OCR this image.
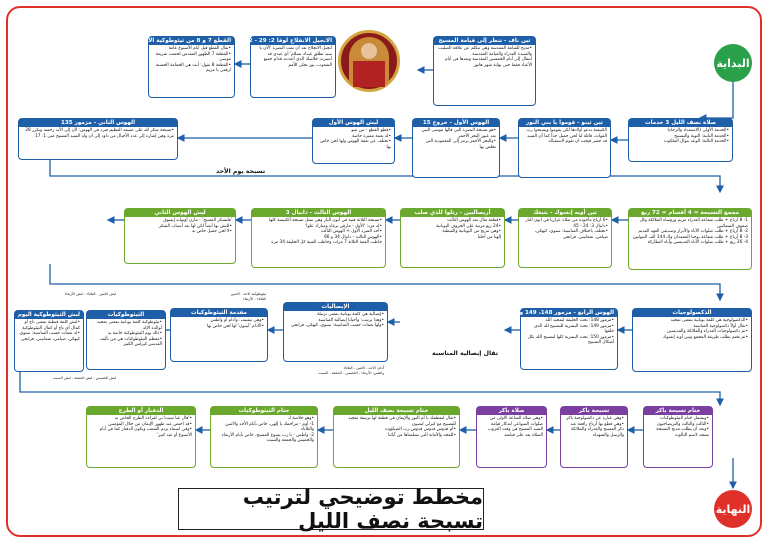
البداية
النهاية
صلاة نصف الليل 3 خدمات
•الخدمة الأولى (الاستعداد والرجاء)
•الخدمة الثانية: التوبة والتسبيح
•الخدمة الثالثة: الوعد بنوال الملكوت
تين ثينو - قوموا يا بني النور
الكنيسة تدعو أولادها لكي يقوموا ويسبحوا رب القوات، قائلة لنا لحن جميل جداً كما أن السيد قد حضر فيجب ان تقوم لاستقباله
تين ناف - تنظر إلى قيامة المسيح
•مديح للقيامة المقدسة وهي تتكلم عن علاقة الصليب والسيدة العذراء والقيامة المقدسة
انتقال إلى أيام الخمسين المقدسة وبعدها في أيام الأعياد فقط حتى نهاية شهر هاتور
الهوس الأول - خروج 15
•هو تسبحة النصرة التي قالها موسى النبي بعد عبور البحر الأحمر
•والبحر الأحمر يرمز إلى المعمودية التي نخلص بها
لبش الهوس الأول
•قطع القطع - تين ثينو
•له نغمة مميزة خاصة
•تختلف عن نغمة الهوس ولها لحن خاص بها
الانجيل الانقلاج لوقا 2: 29 - 32
انجيل الانجلاج بعد أن تمت النصرة 'الآن يا سيد تطلق عبدك بسلام' أي عبدي قد أبصرت خلاصك الذي أعددته قدام جميع الشعوب، نور تجلي للأمم
القطع 7 و 8 من ثيئوطوكية الأحد
•تقال القطع قبل أيام الأسبوع عامة
•القطعة 7 الظهور المقدس لحسب شريعة موسى
•القطعة 8 تقول: أنت هي الحمامة الحسنة ارفعي يا مريم
الهوس الثاني - مزمور 135
•تسبحة شكر لله على صنيعه العظيم فيرد في الهوس: لأن إلى الأبد رحمته ويكرر 28 مرة وهي إشارة إلى عدد الأجيال من داود إلى أن ولد السيد المسيح متى 1: 17
تسبحة يوم الأحد
مجمع التسبحة = 4 أقسام = 72 ربع
1- 8 أرباع + طلب شفاعة العذراء مريم ورؤساء الملائكة وكل صفوف السمائيين
2- 8 أرباع + طلب صلوات الآباء والأبرار وصديقي العهد القديم
3- 8 أرباع + طلب شفاعة يوحنا المعمدان والـ 144 ألف البتوليين
4- 26 ربع + طلب صلوات الآباء القديسين وآباء البطاركة
تين أويه إنسوك - نتبعك
•6 أرباع مأخوذة من صلاة عزاريا في أتون النار
•دانيال 3: 24 - 45
•تختلف باختلاف المناسبة: سنوي، كيهكي، صيامي، شعانيني، فرايحي
أريصاليين - رتلوا للذي صلب
•قطعة تقال بعد الهوس الثالث
•24 ربع مرتبة على الحروف اليونانية
•وهي مزيج من اليونانية والقبطية
إلهنا من أجلنا
الهوس الثالث - دانيال 3
•تسبحة الثلاثة فتية في أتون النار وهي تمثل تسبحة الكنيسة كلها
•له مرد: 'الأول - مارفن برغاه ومبارك علوا'
•أحد الميرد الأول + الهوس الثالث
•الهوس الثالث - دانيال 34 و 66
خاطب الفتية الثلاثة 7 مرات وخاطب الفتية كل الخليقة 34 مرة
لبش الهوس الثاني
'فلنشكر المسيح' - مارن أوتوانه إيفنوق
•للبش بها أيضاً لكن لها بعد أسباب الشكر
•لا لحن جميل خاص به
الذكصولوجيات
•الذكصولوجية هي كلمة يونانية بمعنى تمجيد
•تقال أولاً ذكصولوجية المناسبة
•ثم ذكصولوجيات العذراء والملائكة والقديسين
•ثم يختم بطلب طريقة المجمع وتين أويه إنسوك
الهوس الرابع - مزمور 148، 149 و 150
•مزمور 148: بحث الخليقة لتمجيد الله
•مزمور 149: بحث البشرية للتسبيح لله الذي خلقها
•مزمور 150: بحث البشرية كلها لتسبيح الله بكل أشكال التسبيح
تقال إبصالية المناسبة
الإبصاليات
•إبصالية هي كلمة يونانية بمعنى ترتيلة
•وهذا ترتيب: وأحيانا إبصالية المناسبة
•ولها نغمات حسب المناسبة: سنوي، كيهكي، فرايحي
أدام: الأحد - الاثنين - الثلاثاء
واطس: الأربعاء - الخميس - الجمعة - السبت
مقدمة الثيئوطوكيات
•وهي تيفتيف: وأدام أو واطس
•الأدام 'أيبيون' لها لحن خاص بها
الثيئوطوكيات
•ثيئوطوكية كلمة يونانية بمعنى تمجيد لوالدة الإله
•ذلك يوم الثيئوطوكية خاصة به
•معظم الثيئوطوكيات هي من تأليف القديس كيرلس الكبير
لبش الثيئوطوكية اليوم
•لبش كلمة قبطية بمعنى تاج أو كمال أي تاج أو كمال الثيئوطوكية
•له نغمات حسب المناسبة: سنوي، كيهكي، صيامي، شعانيني، فرايحي
ثيئوطوكية الاحد - الاثنين
الثلاثاء - الأربعاء
لبش الاثنين - الثلاثاء - لبش الأربعاء
لبش الخميس - لبش الجمعة - لبش السبت
ختام تسبحة باكر
•ويشمل ختام الثيئوطوكيات
•الثالث والثالث والتريصاجيون
•وبعد أن يطلب مديح التسبحة تسجد لاسم الثالوث
تسبحة باكر
•وهي عبارة عن ذكصولوجية باكر
•وهي قطع بها أرباع رافعة عند ذكر المسيح والعذراء والملائكة والرسل والشهداء
صلاة باكر
•وهي صلاة الساعة الأولى من صلوات السواعي لتذكار قيامة السيد المسيح في وقت الغروب الصلاة يعد على قيامته
ختام تسبحة نصف الليل
•تقال لنعظمك يا أم النور والإيمان في قطعة لها ترنيمة تمجيد للمسيح مع كيرلي ليصون
•أم قدوس قدوس قدوس رب الصباؤوت
•للمجد والأمانة التي تسلمناها من آبائنا
ختام الثيئوطوكيات
•وهو خلاصة لـ
1- أوم - مراحمك يا إلهي، خاص بأيام الأحد والاثنين والثلاثاء
2- واطس - يا رب يسوع المسيح، خاص بأيام الأربعاء والخميس والجمعة والسبت
الدفنار أو الطرح
•'قال عنا سيدنا بي لقراءة الطرح الخاص به
•قد اختص عيد ظهور الإيمان من خلال المؤمنين
•وفي اسماء يرنم الشعب ويكون الدفنار كما في أيام الأسبوع أو عيد كبير'
مخطط توضيحي لترتيب تسبحة نصف الليل
